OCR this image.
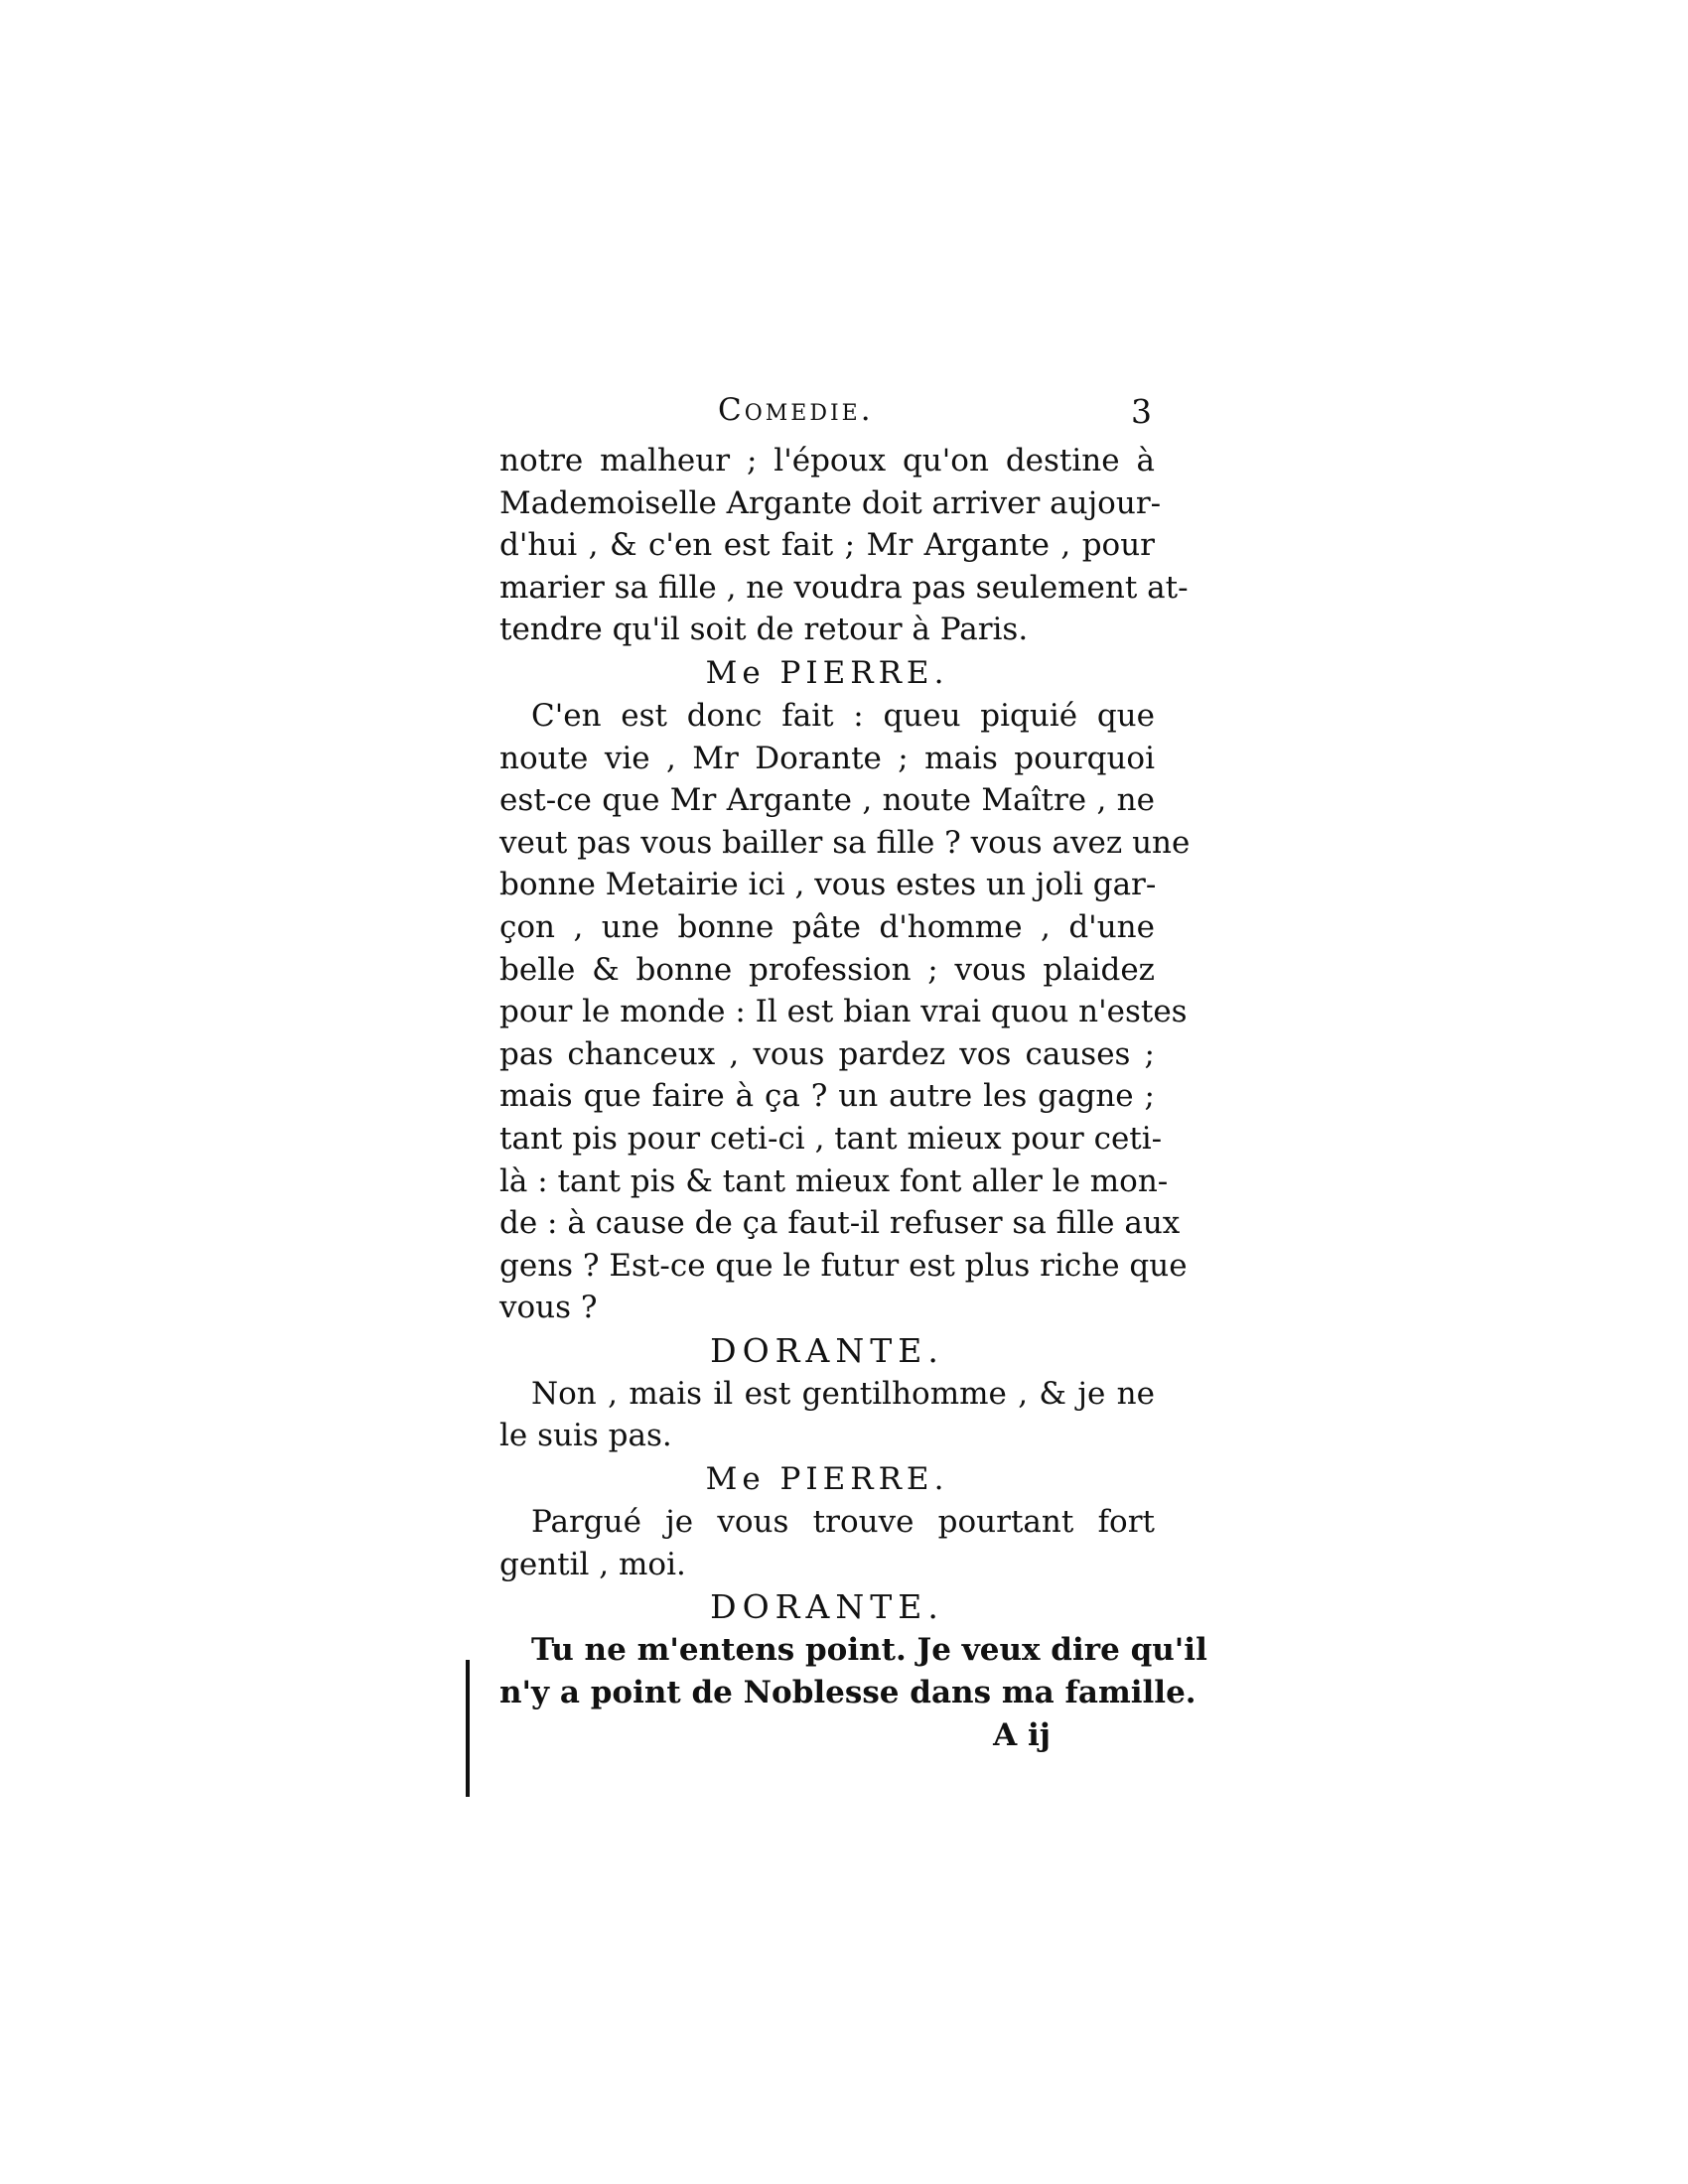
Comedie.	3
notre malheur ; l'époux qu'on destine à
Mademoiselle Argante doit arriver aujour-
d'hui , & c'en est fait ; Mr Argante , pour
marier sa fille , ne voudra pas seulement at-
tendre qu'il soit de retour à Paris.
Me PIERRE.
C'en est donc fait : queu piquié que
noute vie , Mr Dorante ; mais pourquoi
est-ce que Mr Argante , noute Maître , ne
veut pas vous bailler sa fille ? vous avez une
bonne Metairie ici , vous estes un joli gar-
çon , une bonne pâte d'homme , d'une
belle & bonne profession ; vous plaidez
pour le monde : Il est bian vrai quou n'estes
pas chanceux , vous pardez vos causes ;
mais que faire à ça ? un autre les gagne ;
tant pis pour ceti-ci , tant mieux pour ceti-
là : tant pis & tant mieux font aller le mon-
de : à cause de ça faut-il refuser sa fille aux
gens ? Est-ce que le futur est plus riche que
vous ?
DORANTE.
Non , mais il est gentilhomme , & je ne
le suis pas.
Me PIERRE.
Pargué je vous trouve pourtant fort
gentil , moi.
DORANTE.
Tu ne m'entens point. Je veux dire qu'il
n'y a point de Noblesse dans ma famille.
A ij
